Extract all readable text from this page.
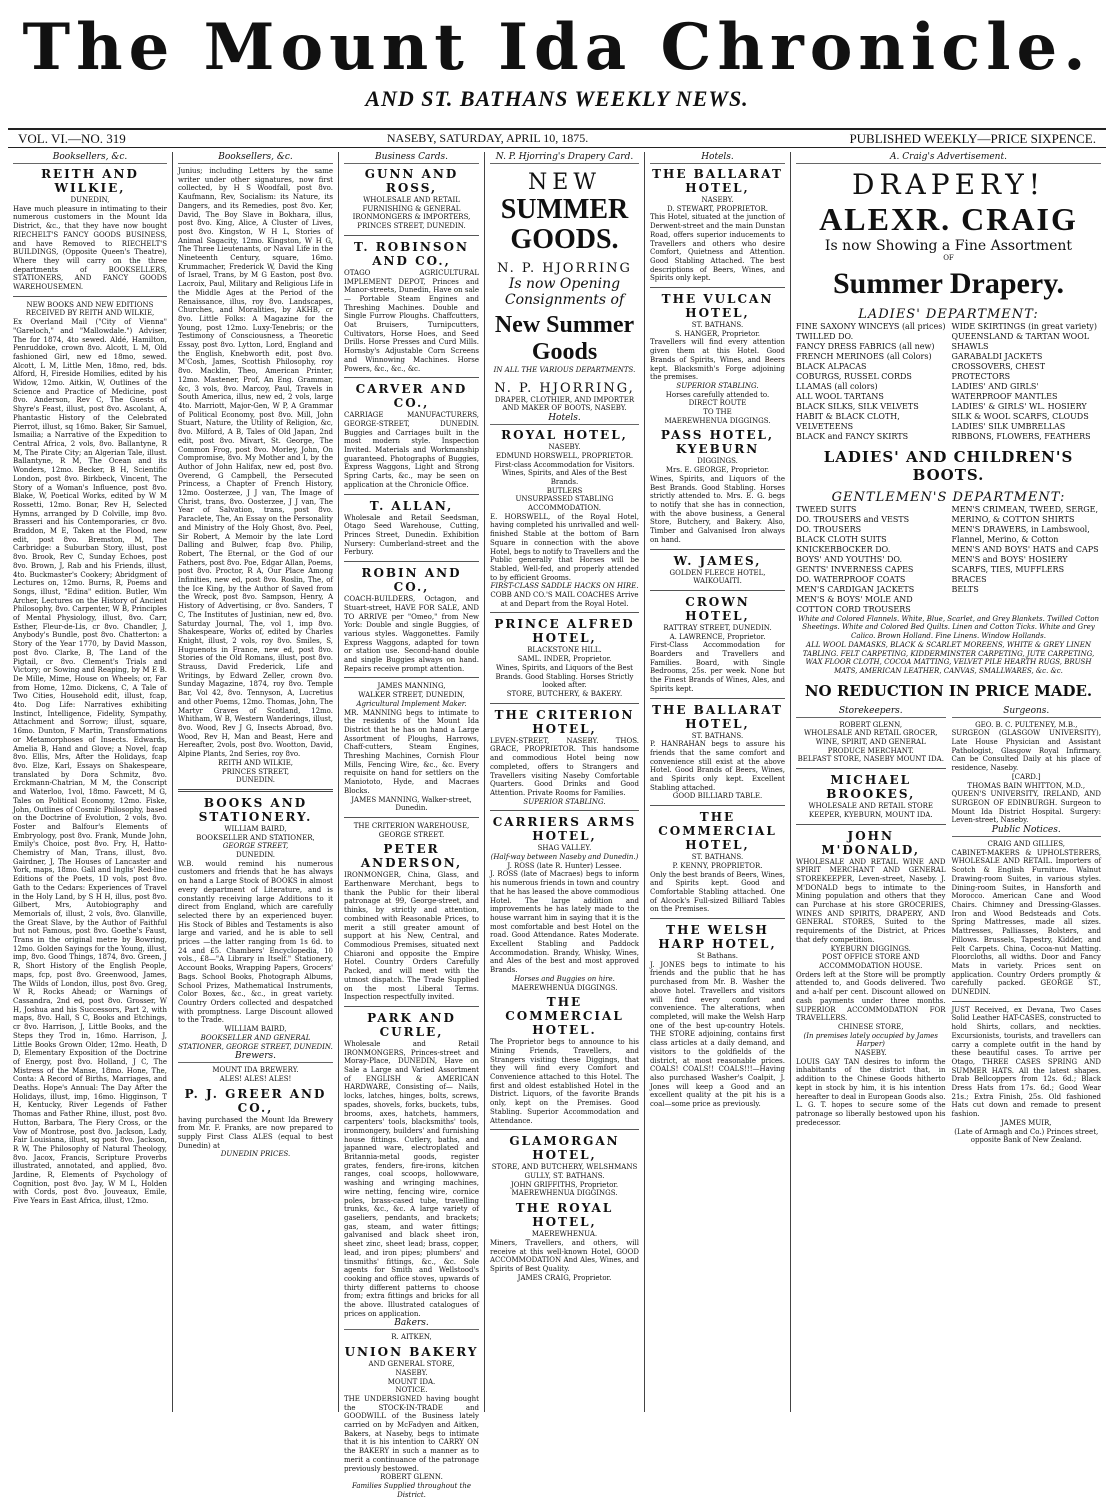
The Mount Ida Chronicle.
AND ST. BATHANS WEEKLY NEWS.
VOL. VI.—NO. 319	NASEBY, SATURDAY, APRIL 10, 1875.	PUBLISHED WEEKLY—PRICE SIXPENCE.
Booksellers, &c.
REITH AND WILKIE,
DUNEDIN,
Have much pleasure in intimating to their numerous customers in the Mount Ida District, &c., that they have now bought RIECHELT'S FANCY GOODS BUSINESS, and have Removed to RIECHELT'S BUILDINGS, (Opposite Queen's Theatre), Where they will carry on the three departments of BOOKSELLERS, STATIONERS, AND FANCY GOODS WAREHOUSEMEN.
NEW BOOKS AND NEW EDITIONS RECEIVED BY REITH AND WILKIE,
Ex Overland Mail ("City of Vienna" "Gareloch," and "Mallowdale.") Adviser, The for 1874, 4to sewed. Aldé, Hamilton, Penruddoke, crown 8vo. Alcott, L M, Old fashioned Girl, new ed 18mo, sewed. Alcott, L M, Little Men, 18mo, red, bds. Alford, H, Fireside Homilies, edited by his Widow, 12mo. Aitkin, W, Outlines of the Science and Practice of Medicine, post 8vo. Anderson, Rev C, The Guests of Shyre's Feast, illust, post 8vo. Ascolant, A, Phantastic History of the Celebrated Pierrot, illust, sq 16mo. Baker, Sir Samuel, Ismailia; a Narrative of the Expedition to Central Africa, 2 vols, 8vo. Ballantyne, R M, The Pirate City; an Algerian Tale, illust. Ballantyne, R M, The Ocean and its Wonders, 12mo. Becker, B H, Scientific London, post 8vo. Birkbeck, Vincent, The Story of a Woman's Influence, post 8vo. Blake, W, Poetical Works, edited by W M Rossetti, 12mo. Bonar, Rev H, Selected Hymns, arranged by D Colville, imp 8vo. Brasseri and his Contemporaries, cr 8vo. Braddon, M E, Taken at the Flood, new edit, post 8vo. Bremston, M, The Carbridge: a Suburban Story, illust, post 8vo. Brook, Rev C, Sunday Echoes, post 8vo. Brown, J, Rab and his Friends, illust, 4to. Buckmaster's Cookery; Abridgment of Lectures on, 12mo. Burns, R, Poems and Songs, illust, "Edina" edition. Butler, Wm Archer, Lectures on the History of Ancient Philosophy, 8vo. Carpenter, W B, Principles of Mental Physiology, illust, 8vo. Carr, Esther, Fleur-de-Lis, cr 8vo. Chandler, J, Anybody's Bundle, post 8vo. Chatterton: a Story of the Year 1770, by David Masson, post 8vo. Clarke, B, The Land of the Pigtail, cr 8vo. Clement's Trials and Victory; or Sowing and Reaping, by M E B. De Mille, Mime, House on Wheels; or, Far from Home, 12mo. Dickens, C, A Tale of Two Cities, Household edit, illust, fcap, 4to. Dog Life: Narratives exhibiting Instinct, Intelligence, Fidelity, Sympathy, Attachment and Sorrow; illust, square, 16mo. Dunton, F Martin, Transformations or Metamorphoses of Insects. Edwards, Amelia B, Hand and Glove; a Novel, fcap 8vo. Ellis, Mrs, After the Holidays, fcap 8vo. Elze, Karl, Essays on Shakespeare, translated by Dora Schmitz, 8vo. Erckmann-Chatrian, M M, the Conscript and Waterloo, 1vol, 18mo. Fawcett, M G, Tales on Political Economy, 12mo. Fiske, John, Outlines of Cosmic Philosophy, based on the Doctrine of Evolution, 2 vols, 8vo. Foster and Balfour's Elements of Embryology, post 8vo. Frank, Munde John, Emily's Choice, post 8vo. Fry, H, Hatto-Chemistry of Man, Trans, illust, 8vo. Gairdner, J, The Houses of Lancaster and York, maps, 18mo. Gall and Inglis' Red-line Editions of the Poets, 1D vols, post 8vo. Gath to the Cedars: Experiences of Travel in the Holy Land, by S H H, illus, post 8vo. Gilbert, Mrs, Autobiography and Memorials of, illust, 2 vols, 8vo. Glanville, the Great Slave, by the Author of Faithful but not Famous, post 8vo. Goethe's Faust, Trans in the original metre by Bowring, 12mo. Golden Sayings for the Young, illust, imp, 8vo. Good Things, 1874, 8vo. Green, J R, Short History of the English People, maps, fcp, post 8vo. Greenwood, James, The Wilds of London, illus, post 8vo. Greg, W R, Rocks Ahead; or Warnings of Cassandra, 2nd ed, post 8vo. Grosser, W H, Joshua and his Successors, Part 2, with maps, 8vo. Hall, S C, Books and Etchings, cr 8vo. Harrison, J, Little Books, and the Steps they Trod in, 16mo. Harrison, J, Little Books Grown Older, 12mo. Heath, D D, Elementary Exposition of the Doctrine of Energy, post 8vo. Holland, J C, The Mistress of the Manse, 18mo. Hone, The, Conta: A Record of Births, Marriages, and Deaths. Hope's Annual: The Day After the Holidays, illust, imp, 16mo. Higginson, T H, Kentucky, River Legends of Father Thomas and Father Rhine, illust, post 8vo. Hutton, Barbara, The Fiery Cross, or the Vow of Montrose, post 8vo. Jackson, Lady, Fair Louisiana, illust, sq post 8vo. Jackson, R W, The Philosophy of Natural Theology, 8vo. Jacox, Francis, Scripture Proverbs illustrated, annotated, and applied, 8vo. Jardine, R, Elements of Psychology of Cognition, post 8vo. Jay, W M L, Holden with Cords, post 8vo. Jouveaux, Emile, Five Years in East Africa, illust, 12mo.
Booksellers, &c.
Junius; including Letters by the same writer under other signatures, now first collected, by H S Woodfall, post 8vo. Kaufmann, Rev, Socialism: its Nature, its Dangers, and its Remedies, post 8vo. Ker, David, The Boy Slave in Bokhara, illus, post 8vo. King, Alice, A Cluster of Lives, post 8vo. Kingston, W H L, Stories of Animal Sagacity, 12mo. Kingston, W H G, The Three Lieutenants, or Naval Life in the Nineteenth Century, square, 16mo. Krummacher, Frederick W, David the King of Israel, Trans, by M G Easton, post 8vo. Lacroix, Paul, Military and Religious Life in the Middle Ages at the Period of the Renaissance, illus, roy 8vo. Landscapes, Churches, and Moralities, by AKHB, cr 8vo. Little Folks: A Magazine for the Young, post 12mo. Luxy-Tenebris; or the Testimony of Consciousness, a Theoretic Essay, post 8vo. Lytton, Lord, England and the English, Knebworth edit, post 8vo. M'Cosh, James, Scottish Philosophy, roy 8vo. Macklin, Theo, American Printer, 12mo. Mastener, Prof, An Eng. Grammar, &c, 3 vols, 8vo. Marcoy, Paul, Travels in South America, illus, new ed, 2 vols, large 4to. Marriott, Major-Gen, W P, A Grammar of Political Economy, post 8vo. Mill, John Stuart, Nature, the Utility of Religion, &c, 8vo. Milford, A B, Tales of Old Japan, 2nd edit, post 8vo. Mivart, St. George, The Common Frog, post 8vo. Morley, John, On Compromise, 8vo. My Mother and I, by the Author of John Halifax, new ed, post 8vo. Overend, G Campbell, the Persecuted Princess, a Chapter of French History, 12mo. Oosterzee, J J van, The Image of Christ, trans, 8vo. Oosterzee, J J van, The Year of Salvation, trans, post 8vo. Paraclete, The, An Essay on the Personality and Ministry of the Holy Ghost, 8vo. Peel, Sir Robert, A Memoir by the late Lord Dalling and Bulwer, fcap 8vo. Philip, Robert, The Eternal, or the God of our Fathers, post 8vo. Poe, Edgar Allan, Poems, post 8vo. Proctor, R A, Our Place Among Infinities, new ed, post 8vo. Roslin, The, of the Ice King, by the Author of Saved from the Wreck, post 8vo. Sampson, Henry, A History of Advertising, cr 8vo. Sanders, T C, The Institutes of Justinian, new ed, 8vo. Saturday Journal, The, vol 1, imp 8vo. Shakespeare, Works of, edited by Charles Knight, illust, 2 vols, roy 8vo. Smiles, S, Huguenots in France, new ed, post 8vo. Stories of the Old Romans, illust, post 8vo. Strauss, David Frederick, Life and Writings, by Edward Zeller, crown 8vo. Sunday Magazine, 1874, roy 8vo. Temple Bar, Vol 42, 8vo. Tennyson, A, Lucretius and other Poems, 12mo. Thomas, John, The Martyr Graves of Scotland, 12mo. Whitham, W B, Western Wanderings, illust, 8vo. Wood, Rev J G, Insects Abroad, 8vo. Wood, Rev H, Man and Beast, Here and Hereafter, 2vols, post 8vo. Wootton, David, Alpine Plants, 2nd Series, roy 8vo.
REITH AND WILKIE,
PRINCES STREET,
DUNEDIN.
BOOKS AND STATIONERY.
WILLIAM BAIRD,
BOOKSELLER AND STATIONER,
GEORGE STREET,
DUNEDIN.
W.B. would remind his numerous customers and friends that he has always on hand a Large Stock of BOOKS in almost every department of Literature, and is constantly receiving large Additions to it direct from England, which are carefully selected there by an experienced buyer. His Stock of Bibles and Testaments is also large and varied, and he is able to sell prices —the latter ranging from 1s 6d. to 24 and £5. Chambers' Encyclopedia, 10 vols., £8—"A Library in Itself." Stationery, Account Books, Wrapping Papers, Grocers' Bags. School Books, Photograph Albums, School Prizes, Mathematical Instruments, Color Boxes, &c., &c., in great variety. Country Orders collected and despatched with promptness. Large Discount allowed to the Trade.
WILLIAM BAIRD,
BOOKSELLER AND GENERAL STATIONER, GEORGE STREET, DUNEDIN.
Brewers.
MOUNT IDA BREWERY.
ALES! ALES! ALES!
P. J. GREER AND CO.,
having purchased the Mount Ida Brewery from Mr. F. Franks, are now prepared to supply First Class ALES (equal to best Dunedin) at
DUNEDIN PRICES.
Business Cards.
GUNN AND ROSS,
WHOLESALE AND RETAIL FURNISHING & GENERAL IRONMONGERS & IMPORTERS, PRINCES STREET, DUNEDIN.
T. ROBINSON AND CO.,
OTAGO AGRICULTURAL IMPLEMENT DEPOT, Princes and Manor-streets, Dunedin, Have on sale— Portable Steam Engines and Threshing Machines. Double and Single Furrow Ploughs. Chaffcutters, Oat Bruisers, Turnipcutters, Cultivators, Horse Hoes, and Seed Drills. Horse Presses and Curd Mills. Hornsby's Adjustable Corn Screens and Winnowing Machines. Horse Powers, &c., &c., &c.
CARVER AND CO.,
CARRIAGE MANUFACTURERS, GEORGE-STREET, DUNEDIN. Buggies and Carriages built in the most modern style. Inspection Invited. Materials and Workmanship guaranteed. Photographs of Buggies, Express Waggons, Light and Strong Spring Carts, &c., may be seen on application at the Chronicle Office.
T. ALLAN,
Wholesale and Retail Seedsman, Otago Seed Warehouse, Cutting, Princes Street, Dunedin. Exhibition Nursery: Cumberland-street and the Ferbury.
ROBIN AND CO.,
COACH-BUILDERS, Octagon, and Stuart-street, HAVE FOR SALE, AND TO ARRIVE per "Omeo," from New York: Double and single Buggies, of various styles. Waggonettes. Family Express Waggons, adapted for town or station use. Second-hand double and single Buggies always on hand. Repairs receive prompt attention.
JAMES MANNING,
WALKER STREET, DUNEDIN,
Agricultural Implement Maker.
MR. MANNING begs to intimate to the residents of the Mount Ida District that he has on hand a Large Assortment of Ploughs, Harrows, Chaff-cutters, Steam Engines, Threshing Machines, Cornish Flour Mills, Fencing Wire, &c., &c. Every requisite on hand for settlers on the Maniototo, Hyde, and Macraes Blocks.
JAMES MANNING, Walker-street, Dunedin.
THE CRITERION WAREHOUSE, GEORGE STREET.
PETER ANDERSON,
IRONMONGER, China, Glass, and Earthenware Merchant, begs to thank the Public for their liberal patronage at 99, George-street, and thinks, by strictly and attention, combined with Reasonable Prices, to merit a still greater amount of support at his New, Central, and Commodious Premises, situated next Chiaroni and opposite the Empire Hotel. Country Orders Carefully Packed, and will meet with the utmost dispatch. The Trade Supplied on the most Liberal Terms. Inspection respectfully invited.
PARK AND CURLE,
Wholesale and Retail IRONMONGERS, Princes-street and Moray-Place, DUNEDIN, Have on Sale a Large and Varied Assortment of ENGLISH & AMERICAN HARDWARE, Consisting of— Nails, locks, latches, hinges, bolts, screws, spades, shovels, forks, buckets, tubs, brooms, axes, hatchets, hammers, carpenters' tools, blacksmiths' tools, ironmongery, builders' and furnishing house fittings. Cutlery, baths, and japanned ware, electroplated and Britannia-metal goods, register grates, fenders, fire-irons, kitchen ranges, coal scoops, hollowware, washing and wringing machines, wire netting, fencing wire, cornice poles, brass-cased tube, travelling trunks, &c., &c. A large variety of gaseliers, pendants, and brackets; gas, steam, and water fittings; galvanised and black sheet iron, sheet zinc, sheet lead; brass, copper, lead, and iron pipes; plumbers' and tinsmiths' fittings, &c., &c. Sole agents for Smith and Wellstood's cooking and office stoves, upwards of thirty different patterns to choose from; extra fittings and bricks for all the above. Illustrated catalogues of prices on application.
Bakers.
R. AITKEN,
UNION BAKERY
AND GENERAL STORE,
NASEBY.
MOUNT IDA.
NOTICE.
THE UNDERSIGNED having bought the STOCK-IN-TRADE and GOODWILL of the Business lately carried on by McFadyen and Aitken, Bakers, at Naseby, begs to intimate that it is his intention to CARRY ON the BAKERY in such a manner as to merit a continuance of the patronage previously bestowed.
ROBERT GLENN.
Families Supplied throughout the District.
N. P. Hjorring's Drapery Card.
NEW
SUMMER GOODS.
N. P. HJORRING
Is now Opening Consignments of
New Summer Goods
IN ALL THE VARIOUS DEPARTMENTS.
N. P. HJORRING,
DRAPER, CLOTHIER, AND IMPORTER AND MAKER OF BOOTS, NASEBY.
Hotels.
ROYAL HOTEL,
NASEBY.
EDMUND HORSWELL, PROPRIETOR.
First-class Accommodation for Visitors. Wines, Spirits, and Ales of the Best Brands.
BUTLERS
UNSURPASSED STABLING ACCOMMODATION.
E. HORSWELL, of the Royal Hotel, having completed his unrivalled and well-finished Stable at the bottom of Barn Square in connection with the above Hotel, begs to notify to Travellers and the Public generally that Horses will be Stabled, Well-fed, and properly attended to by efficient Grooms.
FIRST-CLASS SADDLE HACKS ON HIRE.
COBB AND CO.'S MAIL COACHES Arrive at and Depart from the Royal Hotel.
PRINCE ALFRED HOTEL,
BLACKSTONE HILL.
SAML. INDER, Proprietor.
Wines, Spirits, and Liquors of the Best Brands. Good Stabling. Horses Strictly looked after.
STORE, BUTCHERY, & BAKERY.
THE CRITERION HOTEL,
LEVEN-STREET, NASEBY. THOS. GRACE, PROPRIETOR. This handsome and commodious Hotel being now completed, offers to Strangers and Travellers visiting Naseby Comfortable Quarters. Good Drinks and Good Attention. Private Rooms for Families.
SUPERIOR STABLING.
CARRIERS ARMS HOTEL,
SHAG VALLEY.
(Half-way between Naseby and Dunedin.)
J. ROSS (late R. Hunter) Lessee.
J. ROSS (late of Macraes) begs to inform his numerous friends in town and country that he has leased the above commodious Hotel. The large addition and improvements he has lately made to the house warrant him in saying that it is the most comfortable and best Hotel on the road. Good Attendance. Rates Moderate. Excellent Stabling and Paddock Accommodation. Brandy, Whisky, Wines, and Ales of the best and most approved Brands.
Horses and Buggies on hire.
MAEREWHENUA DIGGINGS.
THE COMMERCIAL HOTEL.
The Proprietor begs to announce to his Mining Friends, Travellers, and Strangers visiting these Diggings, that they will find every Comfort and Convenience attached to this Hotel. The first and oldest established Hotel in the District. Liquors, of the favorite Brands only, kept on the Premises. Good Stabling. Superior Accommodation and Attendance.
GLAMORGAN HOTEL,
STORE, AND BUTCHERY, WELSHMANS GULLY, ST. BATHANS.
JOHN GRIFFITHS, Proprietor.
MAEREWHENUA DIGGINGS.
THE ROYAL HOTEL,
MAEREWHENUA.
Miners, Travellers, and others, will receive at this well-known Hotel, GOOD ACCOMMODATION And Ales, Wines, and Spirits of Best Quality.
JAMES CRAIG, Proprietor.
Hotels.
THE BALLARAT HOTEL,
NASEBY.
D. STEWART, PROPRIETOR.
This Hotel, situated at the junction of Derwent-street and the main Dunstan Road, offers superior inducements to Travellers and others who desire Comfort, Quietness and Attention. Good Stabling Attached. The best descriptions of Beers, Wines, and Spirits only kept.
THE VULCAN HOTEL,
ST. BATHANS.
S. HANGER, Proprietor.
Travellers will find every attention given them at this Hotel. Good Brands of Spirits, Wines, and Beers kept. Blacksmith's Forge adjoining the premises.
SUPERIOR STABLING.
Horses carefully attended to.
DIRECT ROUTE
TO THE
MAEREWHENUA DIGGINGS.
PASS HOTEL, KYEBURN
DIGGINGS.
Mrs. E. GEORGE, Proprietor.
Wines, Spirits, and Liquors of the Best Brands. Good Stabling. Horses strictly attended to. Mrs. E. G. begs to notify that she has in connection, with the above business, a General Store, Butchery, and Bakery. Also, Timber and Galvanised Iron always on hand.
W. JAMES,
GOLDEN FLEECE HOTEL,
WAIKOUAITI.
CROWN HOTEL,
RATTRAY STREET, DUNEDIN.
A. LAWRENCE, Proprietor.
First-Class Accommodation for Boarders and Travellers and Families. Board, with Single Bedrooms, 25s. per week. None but the Finest Brands of Wines, Ales, and Spirits kept.
THE BALLARAT HOTEL,
ST. BATHANS.
P. HANRAHAN begs to assure his friends that the same comfort and convenience still exist at the above Hotel. Good Brands of Beers, Wines, and Spirits only kept. Excellent Stabling attached.
GOOD BILLIARD TABLE.
THE COMMERCIAL HOTEL,
ST. BATHANS.
P. KENNY, PROPRIETOR.
Only the best brands of Beers, Wines, and Spirits kept. Good and Comfortable Stabling attached. One of Alcock's Full-sized Billiard Tables on the Premises.
THE WELSH HARP HOTEL,
St Bathans.
J. JONES begs to intimate to his friends and the public that he has purchased from Mr. B. Washer the above hotel. Travellers and visitors will find every comfort and convenience. The alterations, when completed, will make the Welsh Harp one of the best up-country Hotels. THE STORE adjoining, contains first class articles at a daily demand, and visitors to the goldfields of the district, at most reasonable prices. COALS! COALS!! COALS!!!—Having also purchased Washer's Coalpit, J. Jones will keep a Good and an excellent quality at the pit his is a coal—some price as previously.
A. Craig's Advertisement.
DRAPERY!
ALEXR. CRAIG
Is now Showing a Fine Assortment
OF
Summer Drapery.
LADIES' DEPARTMENT:
FINE SAXONY WINCEYS (all prices)
TWILLED DO.
FANCY DRESS FABRICS (all new)
FRENCH MERINOES (all Colors)
BLACK ALPACAS
COBURGS, RUSSEL CORDS
LLAMAS (all colors)
ALL WOOL TARTANS
BLACK SILKS, SILK VELVETS
HABIT & BLACK CLOTH, VELVETEENS
BLACK and FANCY SKIRTS
WIDE SKIRTINGS (in great variety)
QUEENSLAND & TARTAN WOOL SHAWLS
GARABALDI JACKETS
CROSSOVERS, CHEST PROTECTORS
LADIES' AND GIRLS' WATERPROOF MANTLES
LADIES' & GIRLS' WL. HOSIERY
SILK & WOOL SCARFS, CLOUDS
LADIES' SILK UMBRELLAS
RIBBONS, FLOWERS, FEATHERS
LADIES' AND CHILDREN'S BOOTS.
GENTLEMEN'S DEPARTMENT:
TWEED SUITS
DO. TROUSERS and VESTS
DO. TROUSERS
BLACK CLOTH SUITS
KNICKERBOCKER DO.
BOYS' AND YOUTHS' DO.
GENTS' INVERNESS CAPES
DO. WATERPROOF COATS
MEN'S CARDIGAN JACKETS
MEN'S & BOYS' MOLE AND COTTON CORD TROUSERS
MEN'S CRIMEAN, TWEED, SERGE, MERINO, & COTTON SHIRTS
MEN'S DRAWERS, in Lambswool, Flannel, Merino, & Cotton
MEN'S AND BOYS' HATS and CAPS
MEN'S and BOYS' HOSIERY
SCARFS, TIES, MUFFLERS
BRACES
BELTS
White and Colored Flannels. White, Blue, Scarlet, and Grey Blankets. Twilled Cotton Sheetings. White and Colored Bed Quilts. Linen and Cotton Ticks. White and Grey Calico. Brown Holland. Fine Linens. Window Hollands.
ALL WOOL DAMASKS, BLACK & SCARLET MOREENS, WHITE & GREY LINEN TABLING. FELT CARPETING, KIDDERMINSTER CARPETING, JUTE CARPETING, WAX FLOOR CLOTH, COCOA MATTING, VELVET PILE HEARTH RUGS, BRUSH MATS, AMERICAN LEATHER, CANVAS, SMALLWARES, &c. &c.
NO REDUCTION IN PRICE MADE.
Storekeepers.
ROBERT GLENN,
WHOLESALE AND RETAIL GROCER, WINE, SPIRIT, AND GENERAL PRODUCE MERCHANT.
BELFAST STORE, NASEBY MOUNT IDA.
MICHAEL BROOKES,
WHOLESALE AND RETAIL STORE KEEPER, KYEBURN, MOUNT IDA.
JOHN M'DONALD,
WHOLESALE AND RETAIL WINE AND SPIRIT MERCHANT AND GENERAL STOREKEEPER, Leven-street, Naseby. J. M'DONALD begs to intimate to the Mining population and others that they can Purchase at his store GROCERIES, WINES AND SPIRITS, DRAPERY, AND GENERAL STORES, Suited to the requirements of the District, at Prices that defy competition.
KYEBURN DIGGINGS.
POST OFFICE STORE AND ACCOMMODATION HOUSE.
Orders left at the Store will be promptly attended to, and Goods delivered. Two and a-half per cent. Discount allowed on cash payments under three months. SUPERIOR ACCOMMODATION FOR TRAVELLERS.
CHINESE STORE,
(In premises lately occupied by James Harper)
NASEBY.
LOUIS GAY TAN desires to inform the inhabitants of the district that, in addition to the Chinese Goods hitherto kept in stock by him, it is his intention hereafter to deal in European Goods also. L. G. T. hopes to secure some of the patronage so liberally bestowed upon his predecessor.
Surgeons.
GEO. B. C. PULTENEY, M.B.,
SURGEON (GLASGOW UNIVERSITY), Late House Physician and Assistant Pathologist, Glasgow Royal Infirmary. Can be Consulted Daily at his place of residence, Naseby.
[CARD.]
THOMAS BAIN WHITTON, M.D.,
QUEEN'S UNIVERSITY, IRELAND, AND SURGEON OF EDINBURGH. Surgeon to Mount Ida District Hospital. Surgery: Leven-street, Naseby.
Public Notices.
CRAIG AND GILLIES,
CABINET-MAKERS & UPHOLSTERERS, WHOLESALE AND RETAIL. Importers of Scotch & English Furniture. Walnut Drawing-room Suites, in various styles. Dining-room Suites, in Hansforth and Morocco. American Cane and Wood Chairs. Chimney and Dressing-Glasses. Iron and Wood Bedsteads and Cots. Spring Mattresses, made all sizes. Mattresses, Palliasses, Bolsters, and Pillows. Brussels, Tapestry, Kidder, and Felt Carpets. China, Cocoa-nut Matting. Floorcloths, all widths. Door and Fancy Mats in variety. Prices sent on application. Country Orders promptly & carefully packed. GEORGE ST., DUNEDIN.
JUST Received, ex Devana, Two Cases Solid Leather HAT-CASES, constructed to hold Shirts, collars, and neckties. Excursionists, tourists, and travellers can carry a complete outfit in the hand by these beautiful cases. To arrive per Otago, THREE CASES SPRING AND SUMMER HATS. All the latest shapes. Drab Bellcoppers from 12s. 6d.; Black Dress Hats from 17s. 6d.; Good Wear 21s.; Extra Finish, 25s. Old fashioned Hats cut down and remade to present fashion.
JAMES MUIR,
(Late of Armagh and Co.) Princes street, opposite Bank of New Zealand.
